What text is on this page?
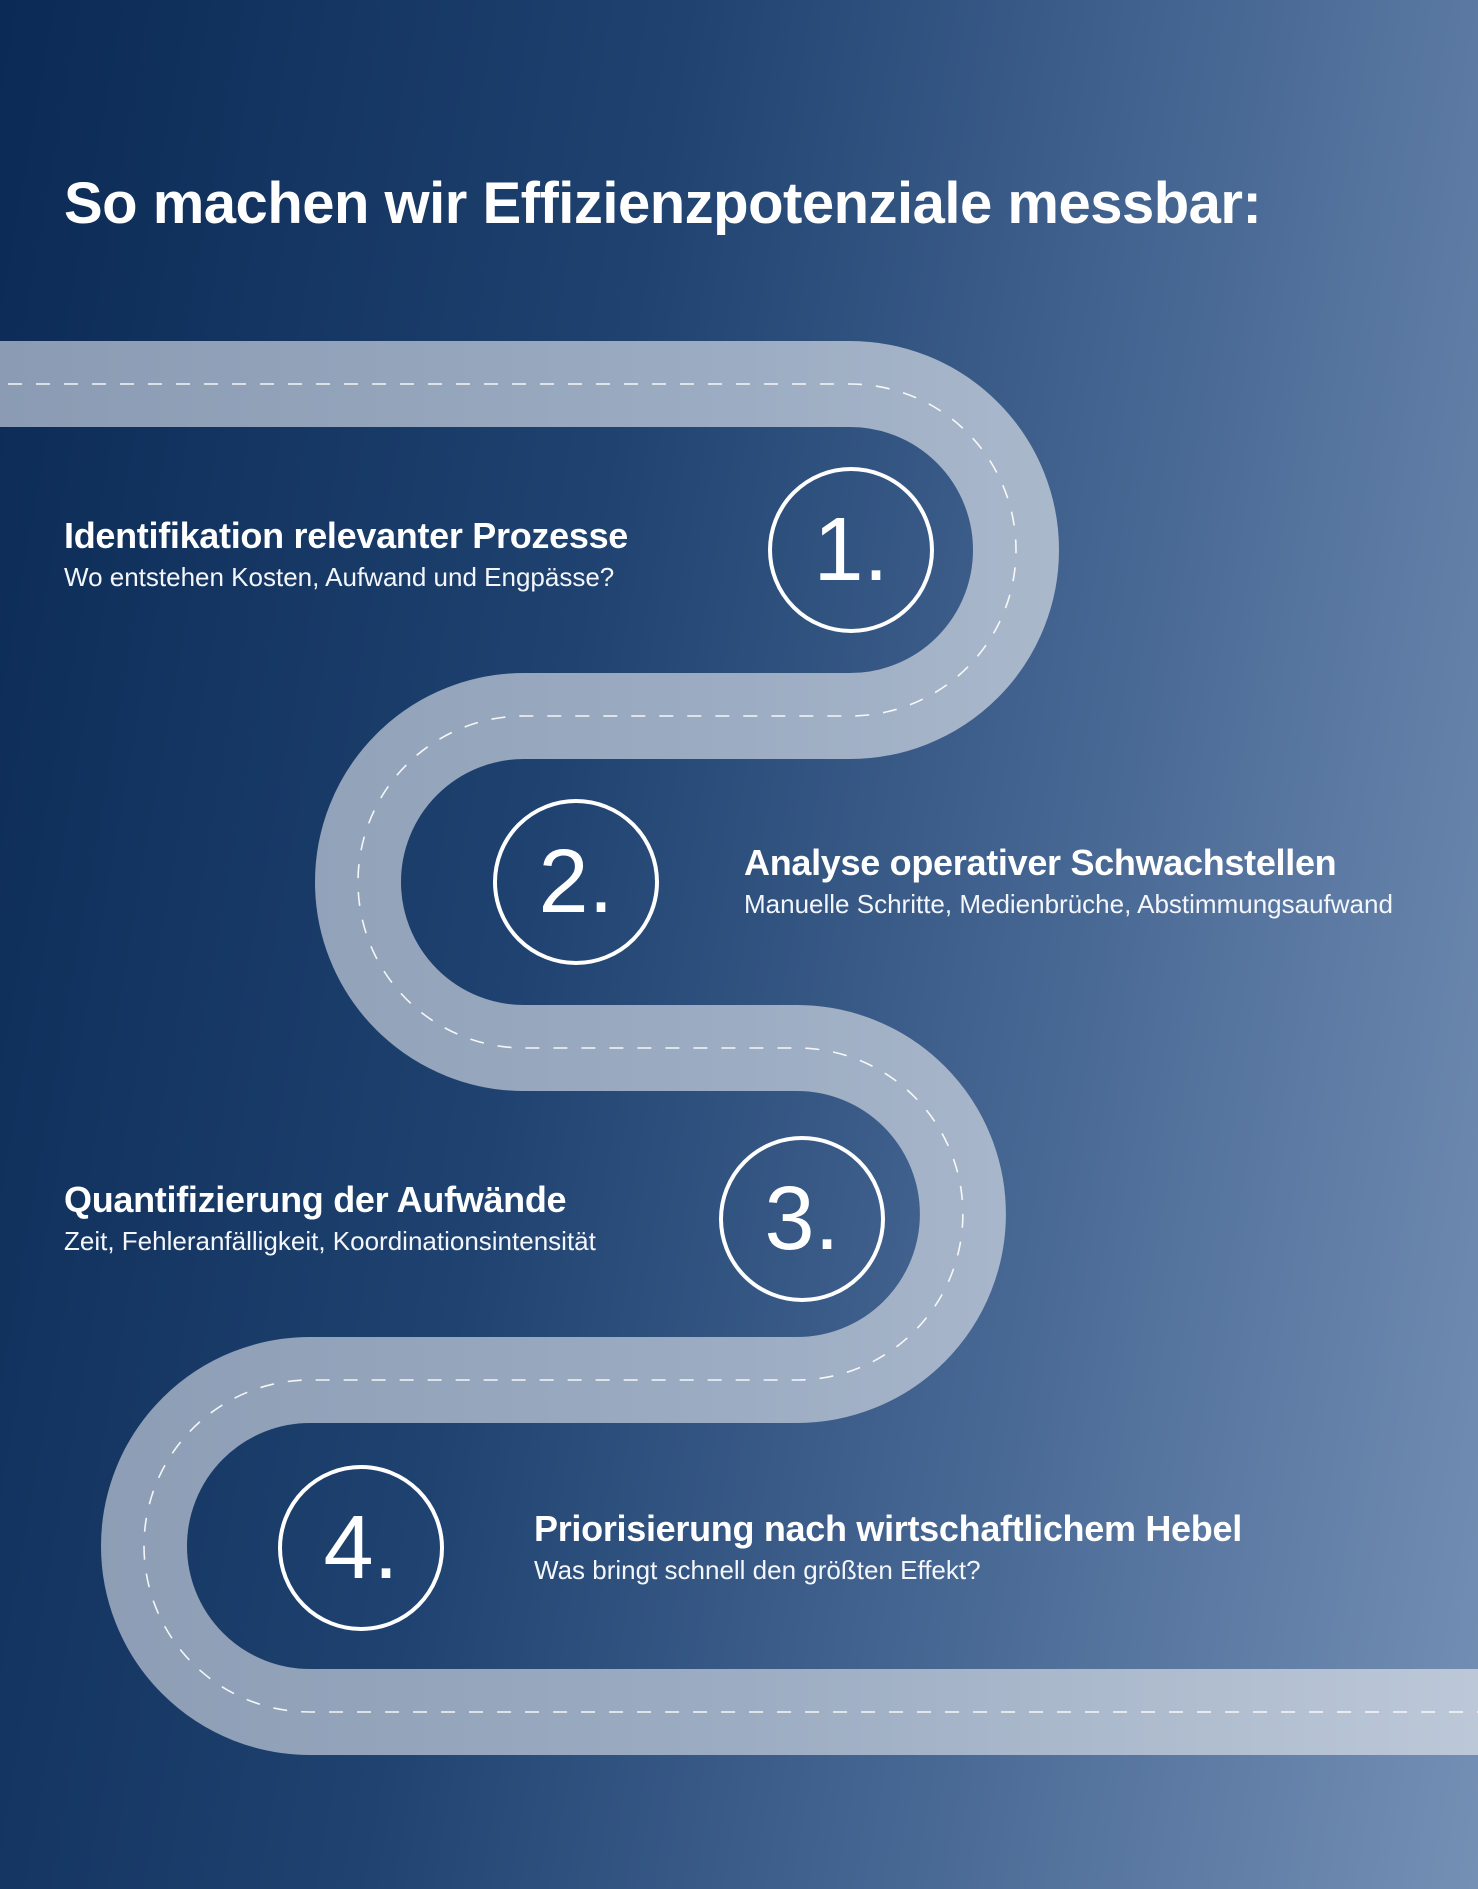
So machen wir Effizienzpotenziale messbar:
Identifikation relevanter Prozesse
Wo entstehen Kosten, Aufwand und Engpässe?	1.
Analyse operativer Schwachstellen
Manuelle Schritte, Medienbrüche, Abstimmungsaufwand
2.
Quantifizierung der Aufwände
Zeit, Fehleranfälligkeit, Koordinationsintensität	3.
Priorisierung nach wirtschaftlichem Hebel
Was bringt schnell den größten Effekt?
4.
